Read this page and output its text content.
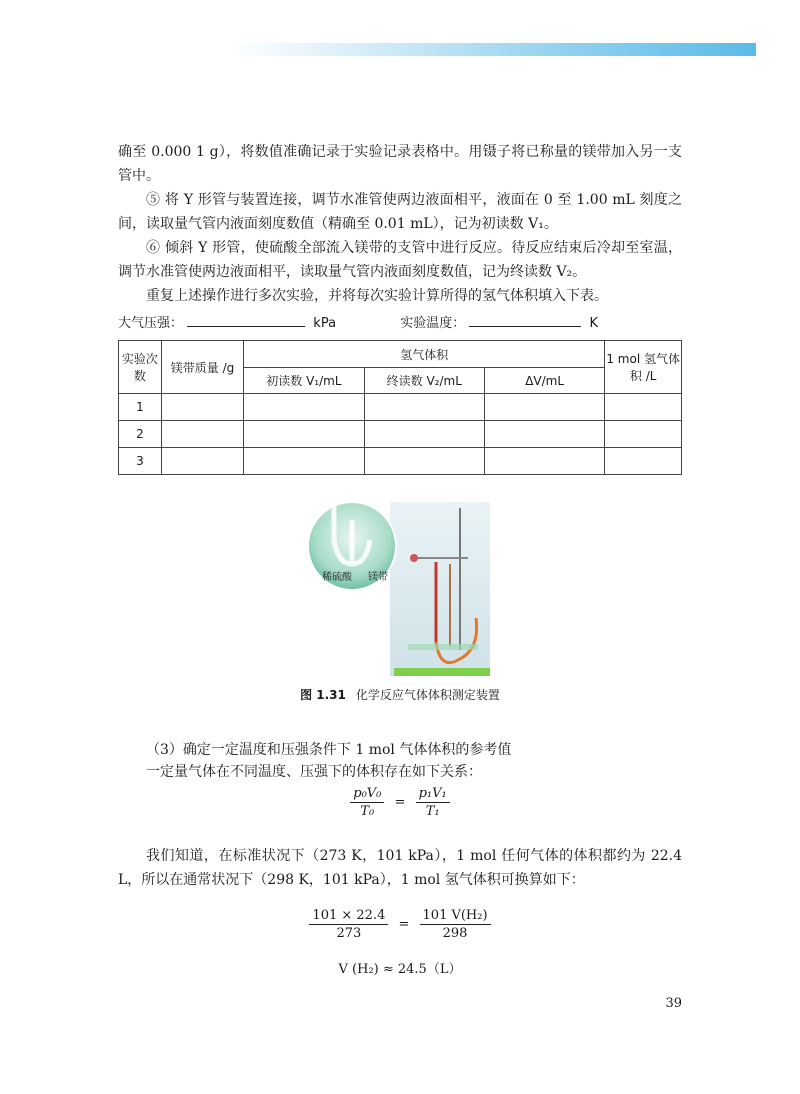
确至 0.000 1 g），将数值准确记录于实验记录表格中。用镊子将已称量的镁带加入另一支管中。

⑤ 将 Y 形管与装置连接，调节水准管使两边液面相平，液面在 0 至 1.00 mL 刻度之间，读取量气管内液面刻度数值（精确至 0.01 mL），记为初读数 V₁。

⑥ 倾斜 Y 形管，使硫酸全部流入镁带的支管中进行反应。待反应结束后冷却至室温，调节水准管使两边液面相平，读取量气管内液面刻度数值，记为终读数 V₂。

重复上述操作进行多次实验，并将每次实验计算所得的氢气体积填入下表。

大气压强：	kPa	实验温度：	K
实验次数	镁带质量 /g	氢气体积			1 mol 氢气体积 /L
		初读数 V₁/mL	终读数 V₂/mL	ΔV/mL	
1					
2					
3					
稀硫酸 镁带
图 1.31 化学反应气体体积测定装置

（3）确定一定温度和压强条件下 1 mol 气体体积的参考值

一定量气体在不同温度、压强下的体积存在如下关系：

$\frac{\text{p₀V₀}}{\text{T₀}} = \frac{\text{p₁V₁}}{\text{T₁}}$

我们知道，在标准状况下（273 K，101 kPa），1 mol 任何气体的体积都约为 22.4 L，所以在通常状况下（298 K，101 kPa），1 mol 氢气体积可换算如下：

$\frac{101 \times 22.4}{273} = \frac{\text{101 V(H₂)}}{298}$
V (H₂) ≈ 24.5（L）
39
